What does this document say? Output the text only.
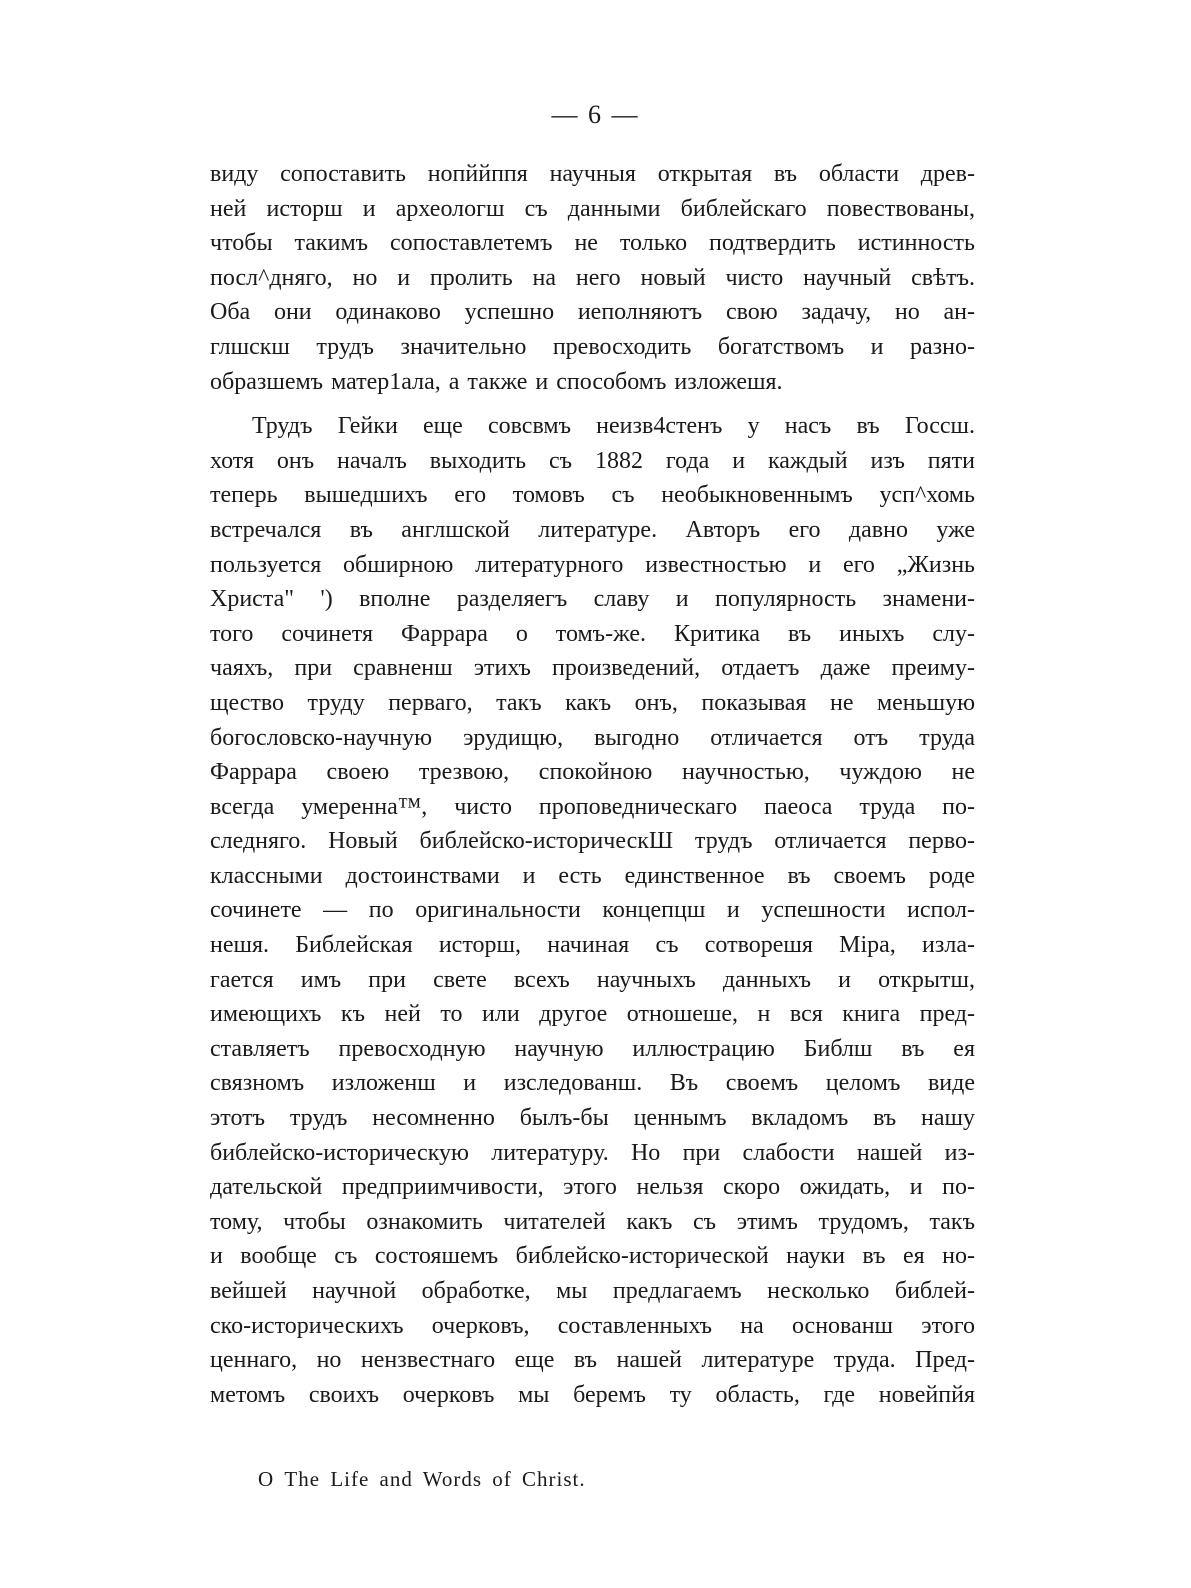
— 6 —
виду сопоставить нопййппя научныя открытая въ области древ-
ней исторш и археологш съ данными библейскаго повествованы,
чтобы такимъ сопоставлетемъ не только подтвердить истинность
посл^дняго, но и пролить на него новый чисто научный свѣтъ.
Оба они одинаково успешно иеполняютъ свою задачу, но ан-
глшскш трудъ значительно превосходить богатствомъ и разно-
образшемъ матер1ала, а также и способомъ изложешя.
Трудъ Гейки еще совсвмъ неизв4стенъ у насъ въ Госсш.
хотя онъ началъ выходить съ 1882 года и каждый изъ пяти
теперь вышедшихъ его томовъ съ необыкновеннымъ усп^хомь
встречался въ англшской литературе. Авторъ его давно уже
пользуется обширною литературного известностью и его „Жизнь
Христа" ') вполне разделяегъ славу и популярность знамени-
того сочинетя Фаррара о томъ-же. Критика въ иныхъ слу-
чаяхъ, при сравненш этихъ произведений, отдаетъ даже преиму-
щество труду перваго, такъ какъ онъ, показывая не меньшую
богословско-научную эрудищю, выгодно отличается отъ труда
Фаррара своею трезвою, спокойною научностью, чуждою не
всегда умеренна™, чисто проповедническаго паеоса труда по-
следняго. Новый библейско-историческШ трудъ отличается перво-
классными достоинствами и есть единственное въ своемъ роде
сочинете — по оригинальности концепцш и успешности испол-
нешя. Библейская исторш, начиная съ сотворешя Мiра, изла-
гается имъ при свете всехъ научныхъ данныхъ и открытш,
имеющихъ къ ней то или другое отношеше, н вся книга пред-
ставляетъ превосходную научную иллюстрацию Библш въ ея
связномъ изложенш и изследованш. Въ своемъ целомъ виде
этотъ трудъ несомненно былъ-бы ценнымъ вкладомъ въ нашу
библейско-историческую литературу. Но при слабости нашей из-
дательской предприимчивости, этого нельзя скоро ожидать, и по-
тому, чтобы ознакомить читателей какъ съ этимъ трудомъ, такъ
и вообще съ состояшемъ библейско-исторической науки въ ея но-
вейшей научной обработке, мы предлагаемъ несколько библей-
ско-историческихъ очерковъ, составленныхъ на основанш этого
ценнаго, но нензвестнаго еще въ нашей литературе труда. Пред-
метомъ своихъ очерковъ мы беремъ ту область, где новейпйя
О The Life and Words of Christ.
